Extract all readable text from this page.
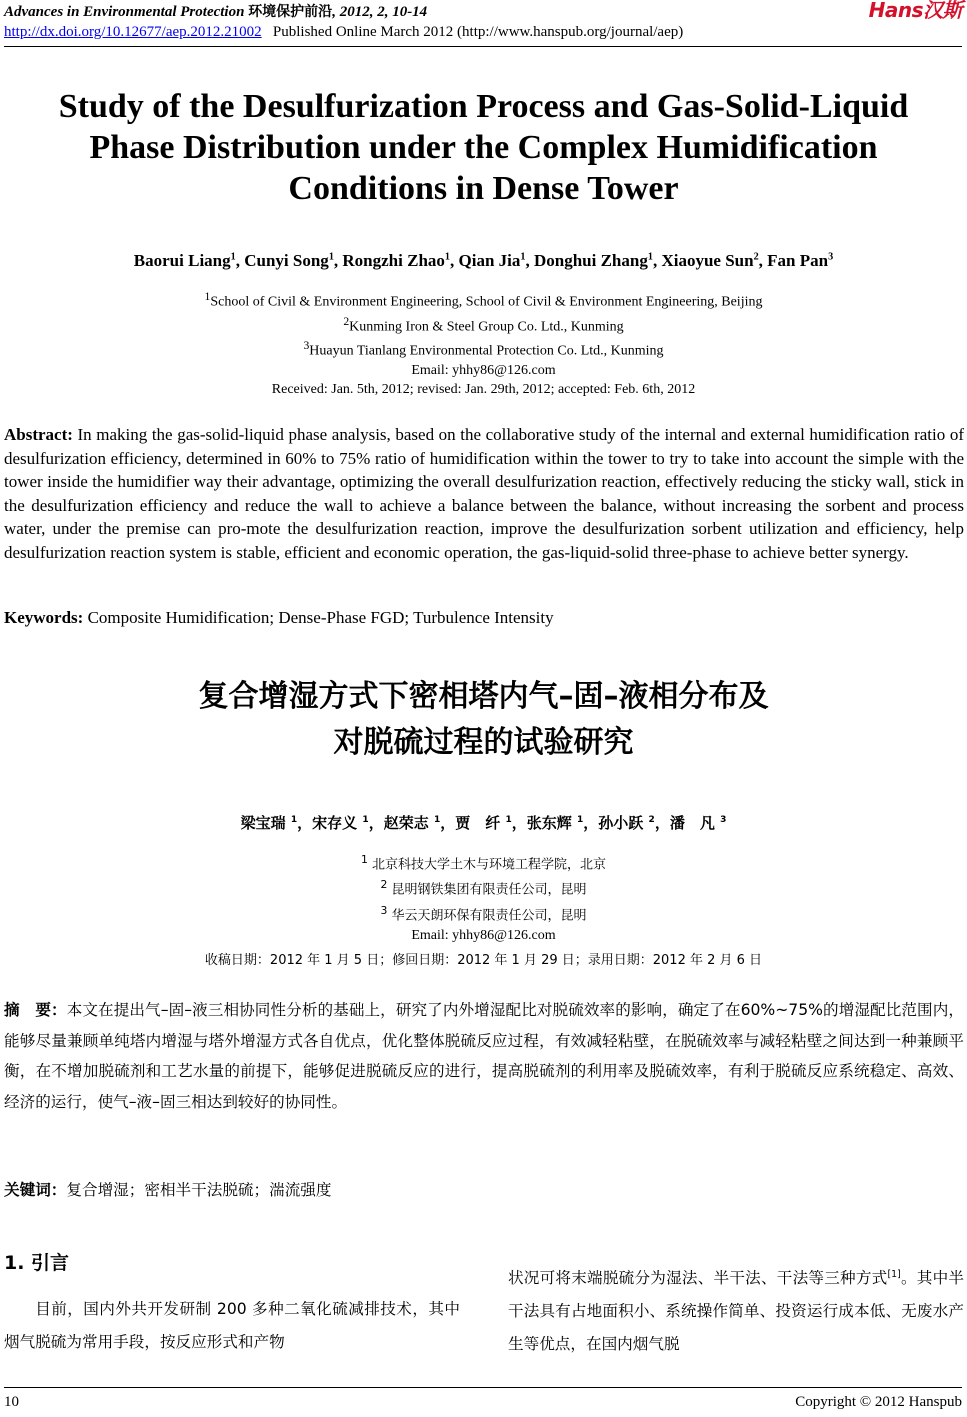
Advances in Environmental Protection 环境保护前沿, 2012, 2, 10-14
http://dx.doi.org/10.12677/aep.2012.21002 Published Online March 2012 (http://www.hanspub.org/journal/aep)
Hans汉斯
Study of the Desulfurization Process and Gas-Solid-Liquid
Phase Distribution under the Complex Humidification
Conditions in Dense Tower
Baorui Liang$^1$, Cunyi Song$^1$, Rongzhi Zhao$^1$, Qian Jia$^1$, Donghui Zhang$^1$, Xiaoyue Sun$^2$, Fan Pan$^3$
$^1$School of Civil & Environment Engineering, School of Civil & Environment Engineering, Beijing
$^2$Kunming Iron & Steel Group Co. Ltd., Kunming
$^3$Huayun Tianlang Environmental Protection Co. Ltd., Kunming
Email: yhhy86@126.com
Received: Jan. 5th, 2012; revised: Jan. 29th, 2012; accepted: Feb. 6th, 2012
Abstract: In making the gas-solid-liquid phase analysis, based on the collaborative study of the internal and external humidification ratio of desulfurization efficiency, determined in 60% to 75% ratio of humidification within the tower to try to take into account the simple with the tower inside the humidifier way their advantage, optimizing the overall desulfurization reaction, effectively reducing the sticky wall, stick in the desulfurization efficiency and reduce the wall to achieve a balance between the balance, without increasing the sorbent and process water, under the premise can pro-mote the desulfurization reaction, improve the desulfurization sorbent utilization and efficiency, help desulfurization reaction system is stable, efficient and economic operation, the gas-liquid-solid three-phase to achieve better synergy.
Keywords: Composite Humidification; Dense-Phase FGD; Turbulence Intensity
复合增湿方式下密相塔内气–固–液相分布及
对脱硫过程的试验研究
梁宝瑞 $^1$，宋存义 $^1$，赵荣志 $^1$，贾　纤 $^1$，张东辉 $^1$，孙小跃 $^2$，潘　凡 $^3$
$^1$ 北京科技大学土木与环境工程学院，北京
$^2$ 昆明钢铁集团有限责任公司，昆明
$^3$ 华云天朗环保有限责任公司，昆明
Email: yhhy86@126.com
收稿日期：2012 年 1 月 5 日；修回日期：2012 年 1 月 29 日；录用日期：2012 年 2 月 6 日
摘　要：本文在提出气–固–液三相协同性分析的基础上，研究了内外增湿配比对脱硫效率的影响，确定了在60%~75%的增湿配比范围内，能够尽量兼顾单纯塔内增湿与塔外增湿方式各自优点，优化整体脱硫反应过程，有效减轻粘壁，在脱硫效率与减轻粘壁之间达到一种兼顾平衡，在不增加脱硫剂和工艺水量的前提下，能够促进脱硫反应的进行，提高脱硫剂的利用率及脱硫效率，有利于脱硫反应系统稳定、高效、经济的运行，使气–液–固三相达到较好的协同性。
关键词：复合增湿；密相半干法脱硫；湍流强度
1. 引言
目前，国内外共开发研制 200 多种二氧化硫减排技术，其中烟气脱硫为常用手段，按反应形式和产物
状况可将末端脱硫分为湿法、半干法、干法等三种方式[1]。其中半干法具有占地面积小、系统操作简单、投资运行成本低、无废水产生等优点，在国内烟气脱
10	Copyright © 2012 Hanspub
